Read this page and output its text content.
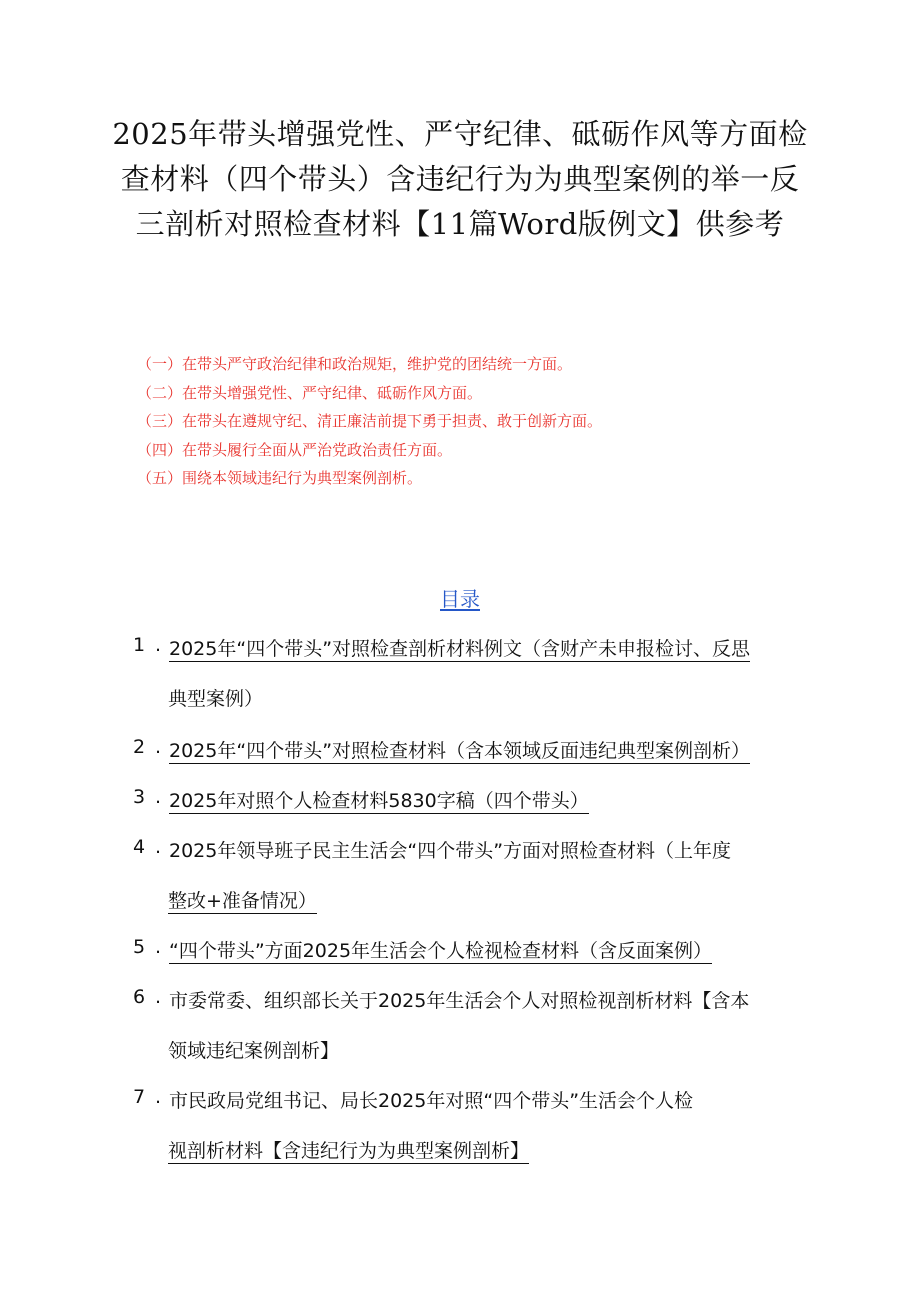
2025年带头增强党性、严守纪律、砥砺作风等方面检
查材料（四个带头）含违纪行为为典型案例的举一反
三剖析对照检查材料【11篇Word版例文】供参考
（一）在带头严守政治纪律和政治规矩，维护党的团结统一方面。
（二）在带头增强党性、严守纪律、砥砺作风方面。
（三）在带头在遵规守纪、清正廉洁前提下勇于担责、敢于创新方面。
（四）在带头履行全面从严治党政治责任方面。
（五）围绕本领域违纪行为典型案例剖析。
目录
1 . 2025年“四个带头”对照检查剖析材料例文（含财产未申报检讨、反思
典型案例）
2 . 2025年“四个带头”对照检查材料（含本领域反面违纪典型案例剖析）
3 . 2025年对照个人检查材料5830字稿（四个带头）
4 . 2025年领导班子民主生活会“四个带头”方面对照检查材料（上年度
整改+准备情况）
5 . “四个带头”方面2025年生活会个人检视检查材料（含反面案例）
6 . 市委常委、组织部长关于2025年生活会个人对照检视剖析材料【含本
领域违纪案例剖析】
7 . 市民政局党组书记、局长2025年对照“四个带头”生活会个人检
视剖析材料【含违纪行为为典型案例剖析】
